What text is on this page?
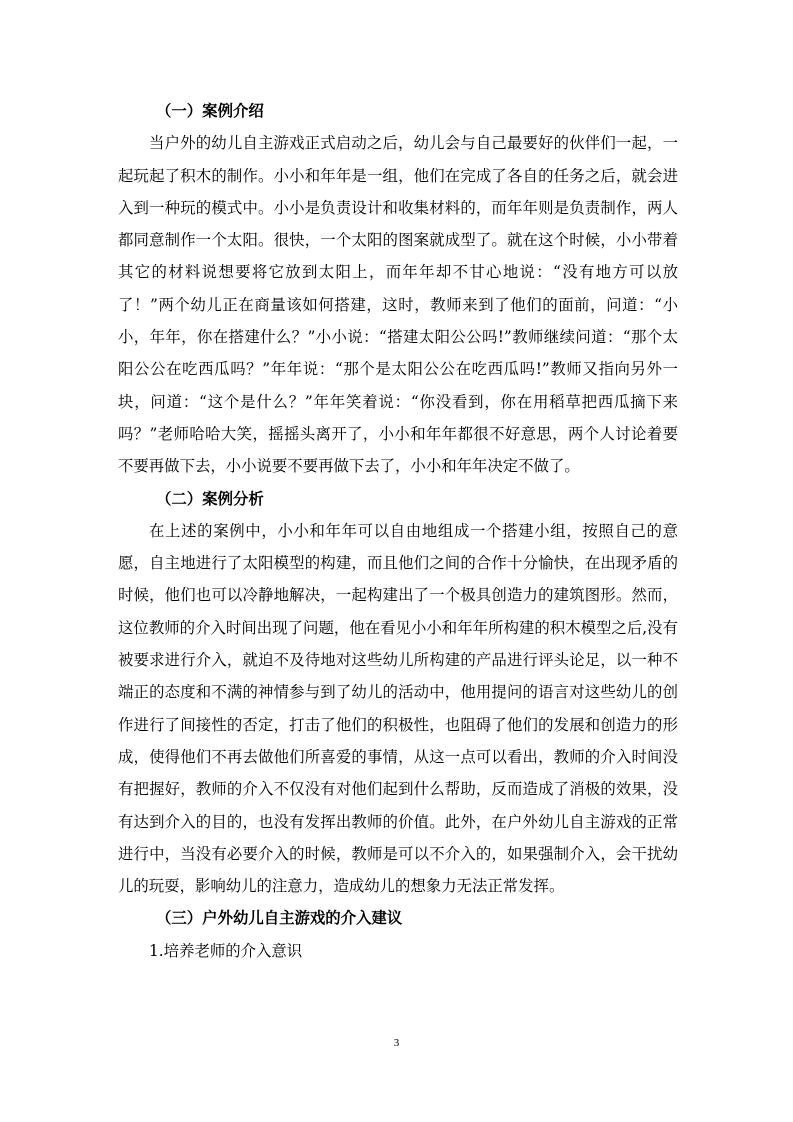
（一）案例介绍

当户外的幼儿自主游戏正式启动之后，幼儿会与自己最要好的伙伴们一起，一起玩起了积木的制作。小小和年年是一组，他们在完成了各自的任务之后，就会进入到一种玩的模式中。小小是负责设计和收集材料的，而年年则是负责制作，两人都同意制作一个太阳。很快，一个太阳的图案就成型了。就在这个时候，小小带着其它的材料说想要将它放到太阳上，而年年却不甘心地说：“没有地方可以放了！”两个幼儿正在商量该如何搭建，这时，教师来到了他们的面前，问道：“小小，年年，你在搭建什么？”小小说：“搭建太阳公公吗!”教师继续问道：“那个太阳公公在吃西瓜吗？”年年说：“那个是太阳公公在吃西瓜吗!”教师又指向另外一块，问道：“这个是什么？”年年笑着说：“你没看到，你在用稻草把西瓜摘下来吗？”老师哈哈大笑，摇摇头离开了，小小和年年都很不好意思，两个人讨论着要不要再做下去，小小说要不要再做下去了，小小和年年决定不做了。

（二）案例分析

在上述的案例中，小小和年年可以自由地组成一个搭建小组，按照自己的意愿，自主地进行了太阳模型的构建，而且他们之间的合作十分愉快，在出现矛盾的时候，他们也可以冷静地解决，一起构建出了一个极具创造力的建筑图形。然而，这位教师的介入时间出现了问题，他在看见小小和年年所构建的积木模型之后,没有被要求进行介入，就迫不及待地对这些幼儿所构建的产品进行评头论足，以一种不端正的态度和不满的神情参与到了幼儿的活动中，他用提问的语言对这些幼儿的创作进行了间接性的否定，打击了他们的积极性，也阻碍了他们的发展和创造力的形成，使得他们不再去做他们所喜爱的事情，从这一点可以看出，教师的介入时间没有把握好，教师的介入不仅没有对他们起到什么帮助，反而造成了消极的效果，没有达到介入的目的，也没有发挥出教师的价值。此外，在户外幼儿自主游戏的正常进行中，当没有必要介入的时候，教师是可以不介入的，如果强制介入，会干扰幼儿的玩耍，影响幼儿的注意力，造成幼儿的想象力无法正常发挥。

（三）户外幼儿自主游戏的介入建议

1.培养老师的介入意识

3
